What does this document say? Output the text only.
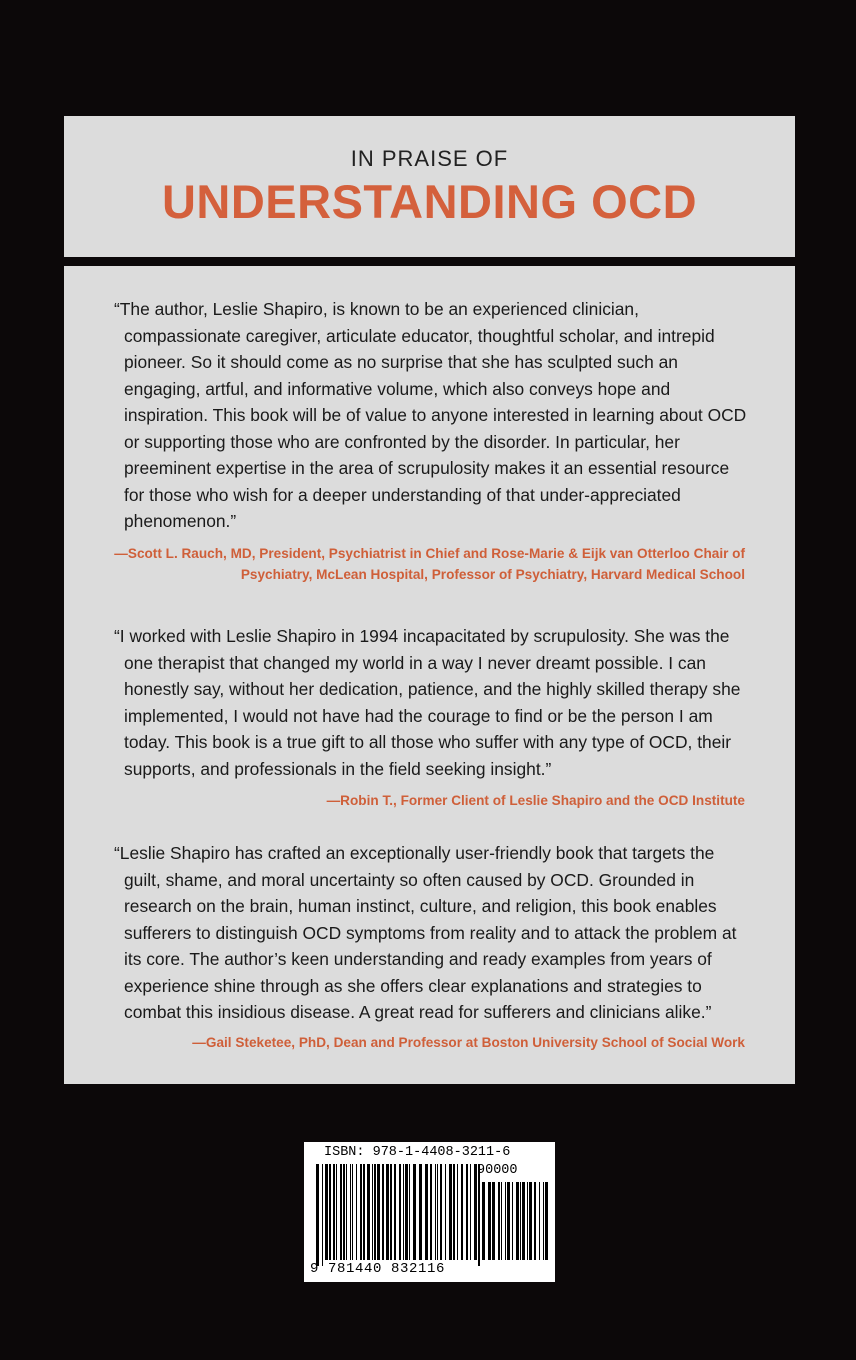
IN PRAISE OF
UNDERSTANDING OCD

“The author, Leslie Shapiro, is known to be an experienced clinician, compassionate caregiver, articulate educator, thoughtful scholar, and intrepid pioneer. So it should come as no surprise that she has sculpted such an engaging, artful, and informative volume, which also conveys hope and inspiration. This book will be of value to anyone interested in learning about OCD or supporting those who are confronted by the disorder. In particular, her preeminent expertise in the area of scrupulosity makes it an essential resource for those who wish for a deeper understanding of that under-appreciated phenomenon.”

—Scott L. Rauch, MD, President, Psychiatrist in Chief and Rose-Marie & Eijk van Otterloo Chair of Psychiatry, McLean Hospital, Professor of Psychiatry, Harvard Medical School

“I worked with Leslie Shapiro in 1994 incapacitated by scrupulosity. She was the one therapist that changed my world in a way I never dreamt possible. I can honestly say, without her dedication, patience, and the highly skilled therapy she implemented, I would not have had the courage to find or be the person I am today. This book is a true gift to all those who suffer with any type of OCD, their supports, and professionals in the field seeking insight.”

—Robin T., Former Client of Leslie Shapiro and the OCD Institute

“Leslie Shapiro has crafted an exceptionally user-friendly book that targets the guilt, shame, and moral uncertainty so often caused by OCD. Grounded in research on the brain, human instinct, culture, and religion, this book enables sufferers to distinguish OCD symptoms from reality and to attack the problem at its core. The author’s keen understanding and ready examples from years of experience shine through as she offers clear explanations and strategies to combat this insidious disease. A great read for sufferers and clinicians alike.”

—Gail Steketee, PhD, Dean and Professor at Boston University School of Social Work
ISBN: 978-1-4408-3211-6
90000
9 781440 832116
